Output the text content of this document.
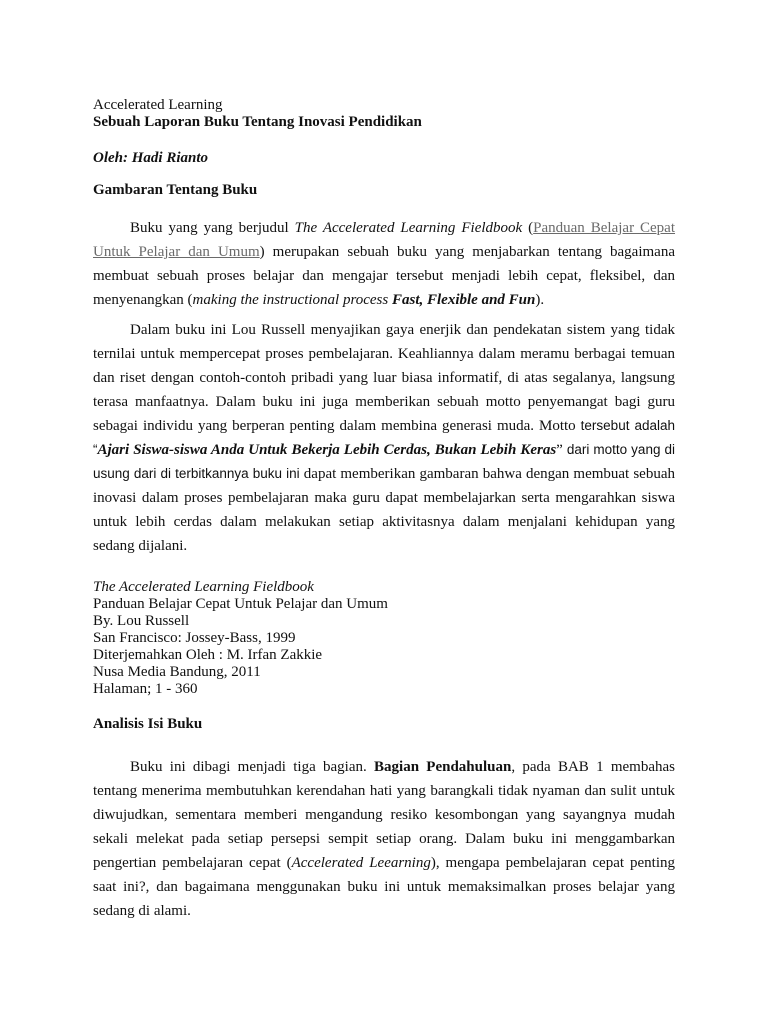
Accelerated Learning
Sebuah Laporan Buku Tentang Inovasi Pendidikan
Oleh: Hadi Rianto
Gambaran Tentang Buku
Buku yang yang berjudul The Accelerated Learning Fieldbook (Panduan Belajar Cepat Untuk Pelajar dan Umum) merupakan sebuah buku yang menjabarkan tentang bagaimana membuat sebuah proses belajar dan mengajar tersebut menjadi lebih cepat, fleksibel, dan menyenangkan (making the instructional process Fast, Flexible and Fun).
Dalam buku ini Lou Russell menyajikan gaya enerjik dan pendekatan sistem yang tidak ternilai untuk mempercepat proses pembelajaran. Keahliannya dalam meramu berbagai temuan dan riset dengan contoh-contoh pribadi yang luar biasa informatif, di atas segalanya, langsung terasa manfaatnya. Dalam buku ini juga memberikan sebuah motto penyemangat bagi guru sebagai individu yang berperan penting dalam membina generasi muda. Motto tersebut adalah “Ajari Siswa-siswa Anda Untuk Bekerja Lebih Cerdas, Bukan Lebih Keras” dari motto yang di usung dari di terbitkannya buku ini dapat memberikan gambaran bahwa dengan membuat sebuah inovasi dalam proses pembelajaran maka guru dapat membelajarkan serta mengarahkan siswa untuk lebih cerdas dalam melakukan setiap aktivitasnya dalam menjalani kehidupan yang sedang dijalani.
The Accelerated Learning Fieldbook
Panduan Belajar Cepat Untuk Pelajar dan Umum
By. Lou Russell
San Francisco: Jossey-Bass, 1999
Diterjemahkan Oleh : M. Irfan Zakkie
Nusa Media Bandung, 2011
Halaman; 1 - 360
Analisis Isi Buku
Buku ini dibagi menjadi tiga bagian. Bagian Pendahuluan, pada BAB 1 membahas tentang menerima membutuhkan kerendahan hati yang barangkali tidak nyaman dan sulit untuk diwujudkan, sementara memberi mengandung resiko kesombongan yang sayangnya mudah sekali melekat pada setiap persepsi sempit setiap orang. Dalam buku ini menggambarkan pengertian pembelajaran cepat (Accelerated Leearning), mengapa pembelajaran cepat penting saat ini?, dan bagaimana menggunakan buku ini untuk memaksimalkan proses belajar yang sedang di alami.
